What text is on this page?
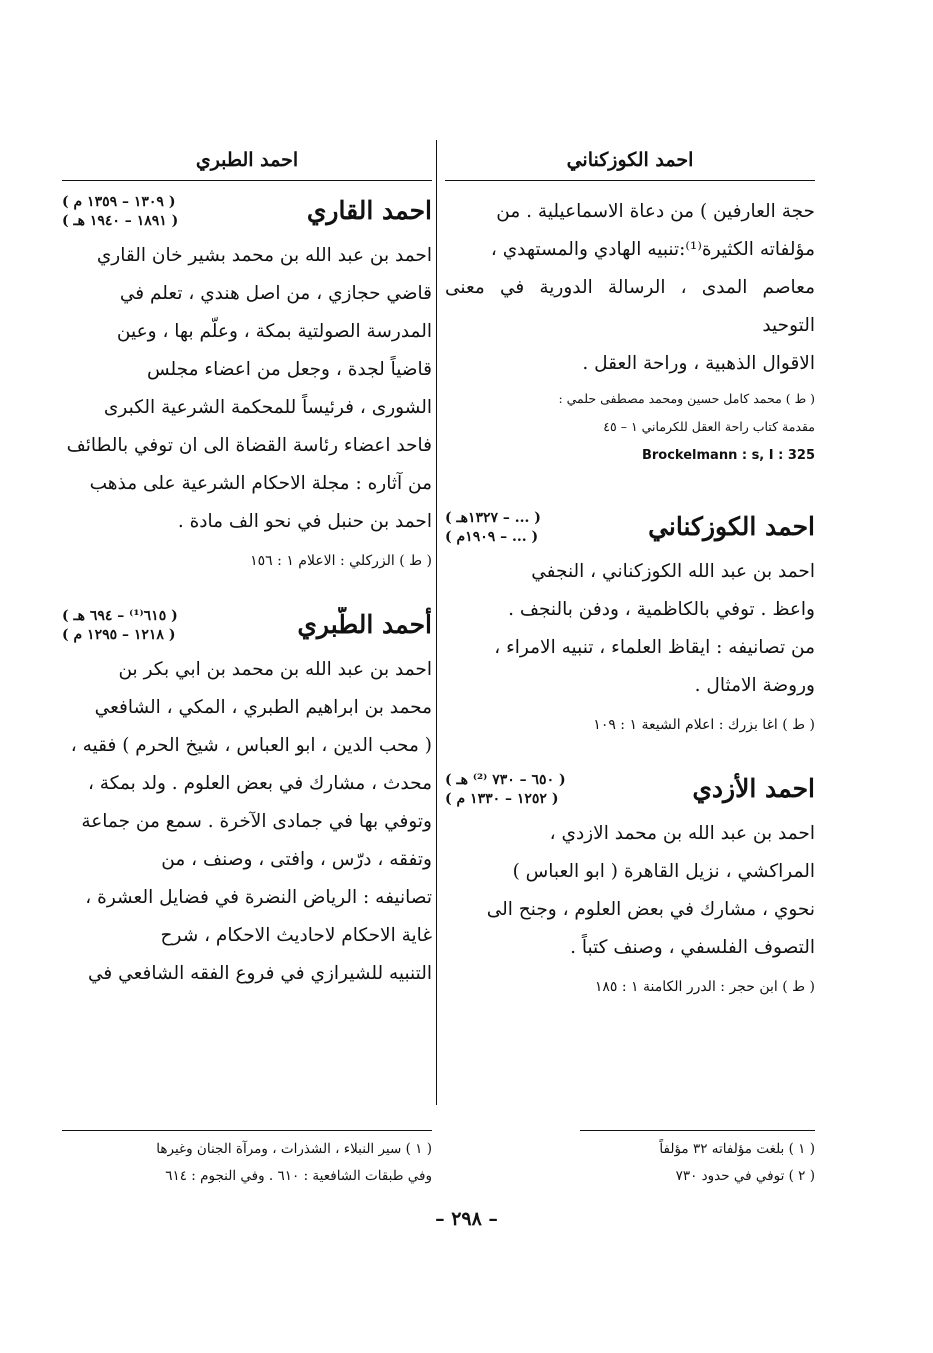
احمد الكوزكناني

حجة العارفين ) من دعاة الاسماعيلية . من

مؤلفاته الكثيرة⁽¹⁾:تنبيه الهادي والمستهدي ،

معاصم المدى ، الرسالة الدورية في معنى التوحيد

الاقوال الذهبية ، وراحة العقل .

( ط ) محمد كامل حسين ومحمد مصطفى حلمي :
مقدمة كتاب راحة العقل للكرماني ١ – ٤٥
Brockelmann : s, I : 325
احمد الكوزكناني
( ... – ١٣٢٧هـ )
( ... – ١٩٠٩م )

احمد بن عبد الله الكوزكناني ، النجفي

واعظ . توفي بالكاظمية ، ودفن بالنجف .

من تصانيفه : ايقاظ العلماء ، تنبيه الامراء ،

وروضة الامثال .

( ط ) اغا بزرك : اعلام الشيعة ١ : ١٠٩
احمد الأزدي
( ٦٥٠ – ٧٣٠ ⁽²⁾ هـ )
( ١٢٥٢ – ١٣٣٠ م )

احمد بن عبد الله بن محمد الازدي ،

المراكشي ، نزيل القاهرة ( ابو العباس )

نحوي ، مشارك في بعض العلوم ، وجنح الى

التصوف الفلسفي ، وصنف كتباً .

( ط ) ابن حجر : الدرر الكامنة ١ : ١٨٥
احمد الطبري
احمد القاري
( ١٣٠٩ – ١٣٥٩ م )
( ١٨٩١ – ١٩٤٠ هـ )

احمد بن عبد الله بن محمد بشير خان القاري

قاضي حجازي ، من اصل هندي ، تعلم في

المدرسة الصولتية بمكة ، وعلّم بها ، وعين

قاضياً لجدة ، وجعل من اعضاء مجلس

الشورى ، فرئيساً للمحكمة الشرعية الكبرى

فاحد اعضاء رئاسة القضاة الى ان توفي بالطائف

من آثاره : مجلة الاحكام الشرعية على مذهب

احمد بن حنبل في نحو الف مادة .

( ط ) الزركلي : الاعلام ١ : ١٥٦
أحمد الطَّبري
( ٦١٥⁽¹⁾ – ٦٩٤ هـ )
( ١٢١٨ – ١٢٩٥ م )

احمد بن عبد الله بن محمد بن ابي بكر بن

محمد بن ابراهيم الطبري ، المكي ، الشافعي

( محب الدين ، ابو العباس ، شيخ الحرم ) فقيه ،

محدث ، مشارك في بعض العلوم . ولد بمكة ،

وتوفي بها في جمادى الآخرة . سمع من جماعة

وتفقه ، درّس ، وافتى ، وصنف ، من

تصانيفه : الرياض النضرة في فضايل العشرة ،

غاية الاحكام لاحاديث الاحكام ، شرح

التنبيه للشيرازي في فروع الفقه الشافعي في

( ١ ) سير النبلاء ، الشذرات ، ومرآة الجنان وغيرها
وفي طبقات الشافعية : ٦١٠ . وفي النجوم : ٦١٤
( ١ ) بلغت مؤلفاته ٣٢ مؤلفاً
( ٢ ) توفي في حدود ٧٣٠
– ٢٩٨ –
